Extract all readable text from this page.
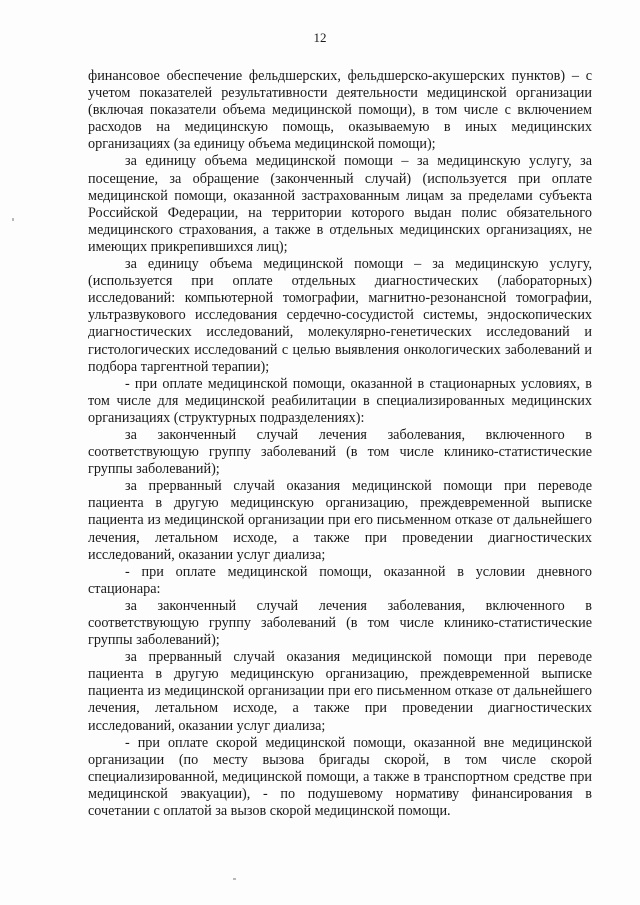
12

финансовое обеспечение фельдшерских, фельдшерско-акушерских пунктов) – с учетом показателей результативности деятельности медицинской организации (включая показатели объема медицинской помощи), в том числе с включением расходов на медицинскую помощь, оказываемую в иных медицинских организациях (за единицу объема медицинской помощи);

за единицу объема медицинской помощи – за медицинскую услугу, за посещение, за обращение (законченный случай) (используется при оплате медицинской помощи, оказанной застрахованным лицам за пределами субъекта Российской Федерации, на территории которого выдан полис обязательного медицинского страхования, а также в отдельных медицинских организациях, не имеющих прикрепившихся лиц);

за единицу объема медицинской помощи – за медицинскую услугу, (используется при оплате отдельных диагностических (лабораторных) исследований: компьютерной томографии, магнитно-резонансной томографии, ультразвукового исследования сердечно-сосудистой системы, эндоскопических диагностических исследований, молекулярно-генетических исследований и гистологических исследований с целью выявления онкологических заболеваний и подбора таргентной терапии);

- при оплате медицинской помощи, оказанной в стационарных условиях, в том числе для медицинской реабилитации в специализированных медицинских организациях (структурных подразделениях):

за законченный случай лечения заболевания, включенного в соответствующую группу заболеваний (в том числе клинико-статистические группы заболеваний);

за прерванный случай оказания медицинской помощи при переводе пациента в другую медицинскую организацию, преждевременной выписке пациента из медицинской организации при его письменном отказе от дальнейшего лечения, летальном исходе, а также при проведении диагностических исследований, оказании услуг диализа;

- при оплате медицинской помощи, оказанной в условии дневного стационара:

за законченный случай лечения заболевания, включенного в соответствующую группу заболеваний (в том числе клинико-статистические группы заболеваний);

за прерванный случай оказания медицинской помощи при переводе пациента в другую медицинскую организацию, преждевременной выписке пациента из медицинской организации при его письменном отказе от дальнейшего лечения, летальном исходе, а также при проведении диагностических исследований, оказании услуг диализа;

- при оплате скорой медицинской помощи, оказанной вне медицинской организации (по месту вызова бригады скорой, в том числе скорой специализированной, медицинской помощи, а также в транспортном средстве при медицинской эвакуации), - по подушевому нормативу финансирования в сочетании с оплатой за вызов скорой медицинской помощи.
